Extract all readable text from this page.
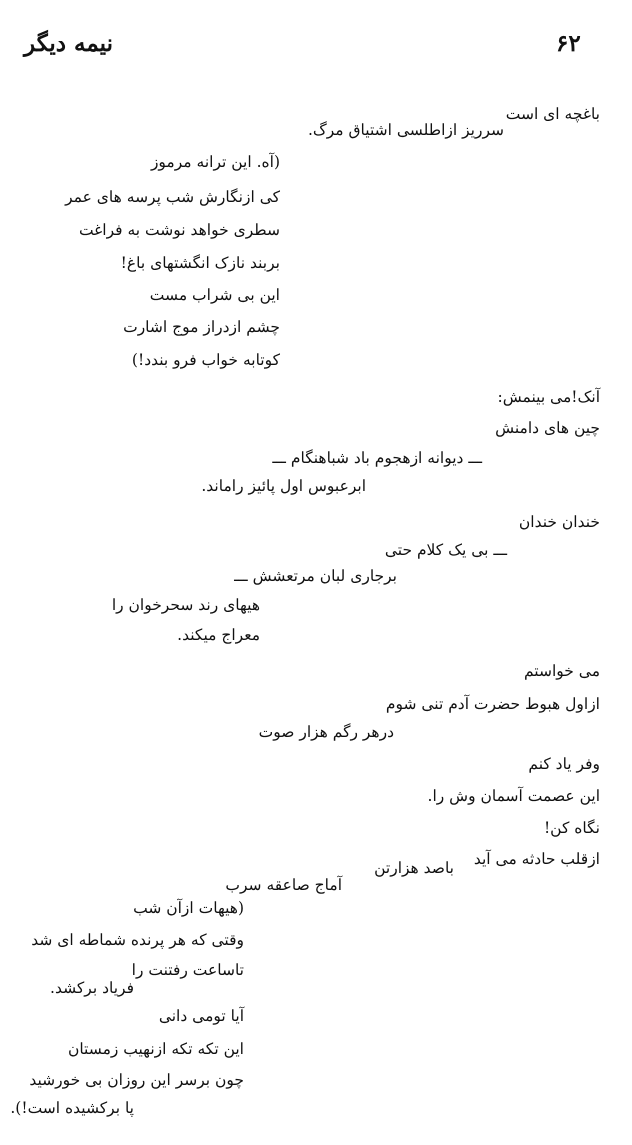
۶۲
نیمه دیگر
باغچه ای است
سرریز ازاطلسی اشتیاق مرگ.
(آه. این ترانه مرموز
کی ازنگارش شب پرسه های عمر
سطری خواهد نوشت به فراغت
بربند نازک انگشتهای باغ!
این بی شراب مست
چشم ازدراز موج اشارت
کوتابه خواب فرو بندد!)
آنک!می بینمش:
چین های دامنش
ـــ دیوانه ازهجوم باد شباهنگام ـــ
ابرعبوس اول پائیز راماند.
خندان خندان
ـــ بی یک کلام حتی
برجاری لبان مرتعشش ـــ
هیهای رند سحرخوان را
معراج میکند.
می خواستم
ازاول هبوط حضرت آدم تنی شوم
درهر رگم هزار صوت
وفر یاد کنم
این عصمت آسمان وش را.
نگاه کن!
ازقلب حادثه می آید
باصد هزارتن
آماج صاعقه سرب
(هیهات ازآن شب
وقتی که هر پرنده شماطه ای شد
تاساعت رفتنت را
فریاد برکشد.
آیا تومی دانی
این تکه تکه ازنهیب زمستان
چون برسر این روزان بی خورشید
پا برکشیده است!).
